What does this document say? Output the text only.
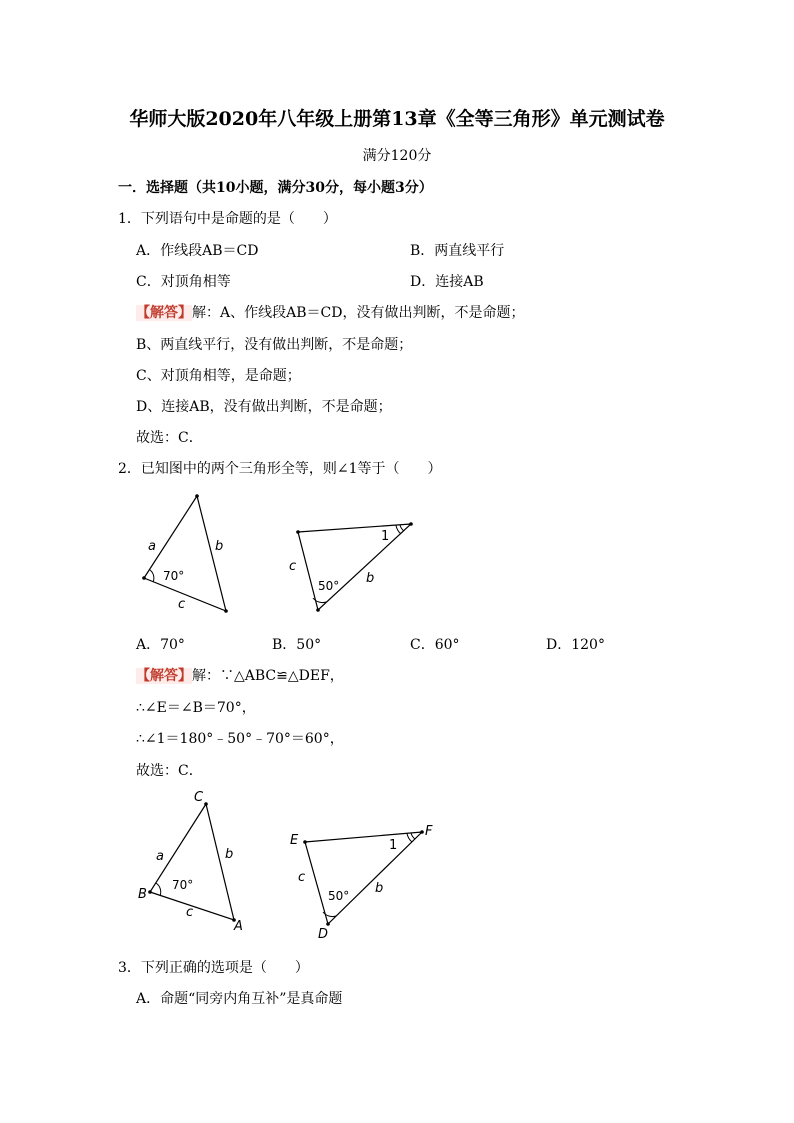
华师大版2020年八年级上册第13章《全等三角形》单元测试卷
满分120分
一．选择题（共10小题，满分30分，每小题3分）
1．下列语句中是命题的是（　　）
A．作线段AB＝CD	B．两直线平行
C．对顶角相等	D．连接AB
【解答】解：A、作线段AB＝CD，没有做出判断，不是命题；
B、两直线平行，没有做出判断，不是命题；
C、对顶角相等，是命题；
D、连接AB，没有做出判断，不是命题；
故选：C．
2．已知图中的两个三角形全等，则∠1等于（　　）
a	b
c
70°
c
b
1
50°
A．70°	B．50°	C．60°	D．120°
【解答】解：∵△ABC≌△DEF，
∴∠E＝∠B＝70°，
∴∠1＝180°﹣50°﹣70°＝60°，
故选：C．
C
B
A
a	b
c
70°
E
F
D
c
b
1
50°
3．下列正确的选项是（　　）
A．命题“同旁内角互补”是真命题
